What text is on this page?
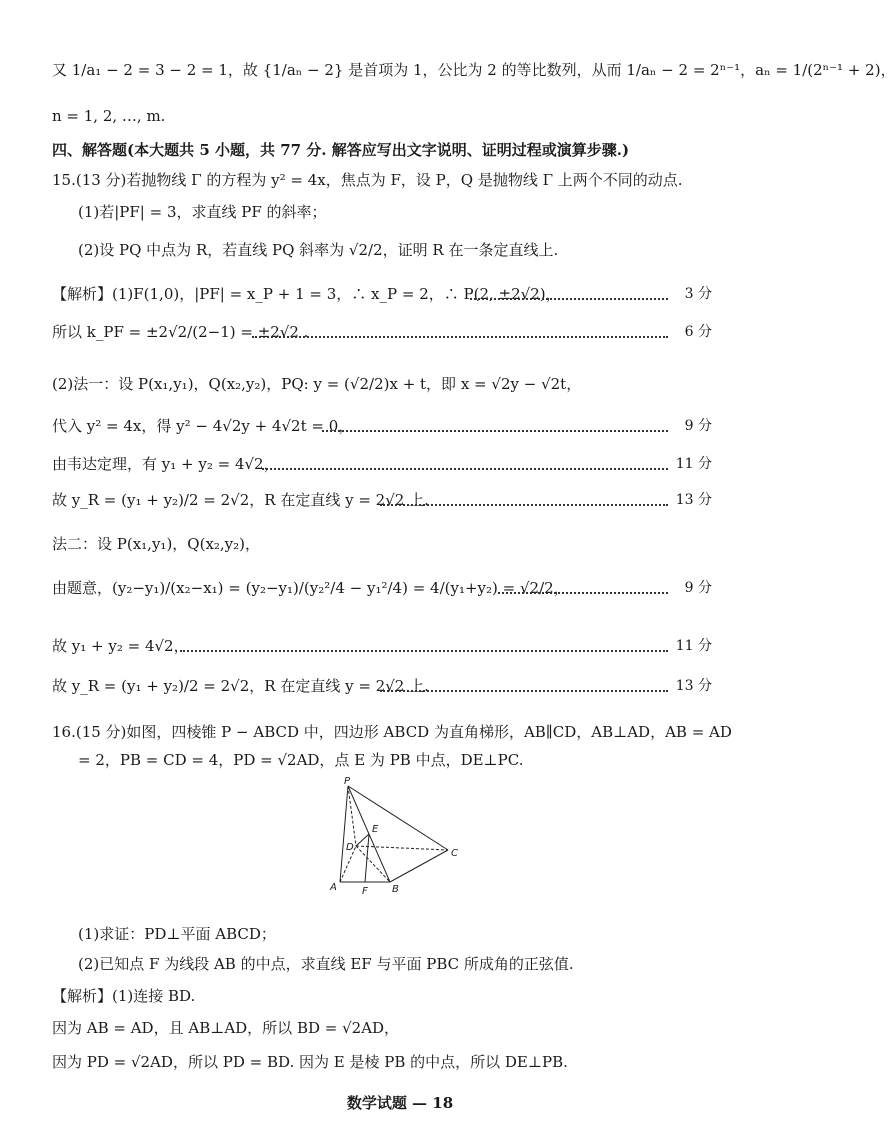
又 1/a₁ − 2 = 3 − 2 = 1，故 {1/aₙ − 2} 是首项为 1，公比为 2 的等比数列，从而 1/aₙ − 2 = 2ⁿ⁻¹，aₙ = 1/(2ⁿ⁻¹ + 2)，
n = 1, 2, …, m.
四、解答题(本大题共 5 小题，共 77 分. 解答应写出文字说明、证明过程或演算步骤.)
15.(13 分)若抛物线 Γ 的方程为 y² = 4x，焦点为 F，设 P，Q 是抛物线 Γ 上两个不同的动点.
(1)若|PF| = 3，求直线 PF 的斜率；
(2)设 PQ 中点为 R，若直线 PQ 斜率为 √2/2，证明 R 在一条定直线上.
【解析】(1)F(1,0)，|PF| = x_P + 1 = 3，∴ x_P = 2，∴ P(2, ±2√2)，	3 分
所以 k_PF = ±2√2/(2−1) = ±2√2 .	6 分
(2)法一：设 P(x₁,y₁)，Q(x₂,y₂)，PQ: y = (√2/2)x + t，即 x = √2y − √2t，
代入 y² = 4x，得 y² − 4√2y + 4√2t = 0，	9 分
由韦达定理，有 y₁ + y₂ = 4√2，	11 分
故 y_R = (y₁ + y₂)/2 = 2√2，R 在定直线 y = 2√2 上.	13 分
法二：设 P(x₁,y₁)，Q(x₂,y₂)，
由题意，(y₂−y₁)/(x₂−x₁) = (y₂−y₁)/(y₂²/4 − y₁²/4) = 4/(y₁+y₂) = √2/2，	9 分
故 y₁ + y₂ = 4√2，	11 分
故 y_R = (y₁ + y₂)/2 = 2√2，R 在定直线 y = 2√2 上.	13 分
16.(15 分)如图，四棱锥 P − ABCD 中，四边形 ABCD 为直角梯形，AB∥CD，AB⊥AD，AB = AD
= 2，PB = CD = 4，PD = √2AD，点 E 为 PB 中点，DE⊥PC.
P
E
D
C
A	F B
(1)求证：PD⊥平面 ABCD；
(2)已知点 F 为线段 AB 的中点，求直线 EF 与平面 PBC 所成角的正弦值.
【解析】(1)连接 BD.
因为 AB = AD，且 AB⊥AD，所以 BD = √2AD，
因为 PD = √2AD，所以 PD = BD. 因为 E 是棱 PB 的中点，所以 DE⊥PB.
数学试题 — 18
